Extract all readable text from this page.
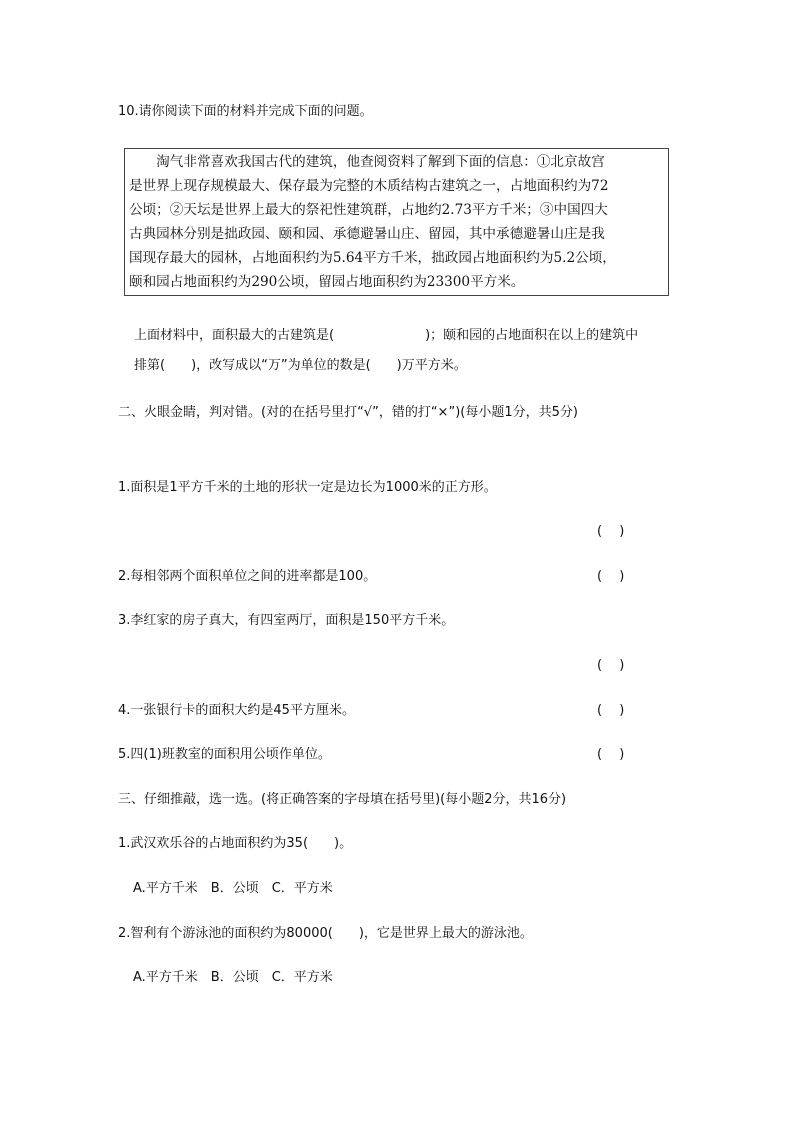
10.请你阅读下面的材料并完成下面的问题。
　　淘气非常喜欢我国古代的建筑，他查阅资料了解到下面的信息：①北京故宫
是世界上现存规模最大、保存最为完整的木质结构古建筑之一，占地面积约为72
公顷；②天坛是世界上最大的祭祀性建筑群，占地约2.73平方千米；③中国四大
古典园林分别是拙政园、颐和园、承德避暑山庄、留园，其中承德避暑山庄是我
国现存最大的园林，占地面积约为5.64平方千米，拙政园占地面积约为5.2公顷，
颐和园占地面积约为290公顷，留园占地面积约为23300平方米。
上面材料中，面积最大的古建筑是(　　　　　　　)；颐和园的占地面积在以上的建筑中
排第(　　)，改写成以“万”为单位的数是(　　)万平方米。
二、火眼金睛，判对错。(对的在括号里打“√”，错的打“×”)(每小题1分，共5分)
1.面积是1平方千米的土地的形状一定是边长为1000米的正方形。
(　 )
2.每相邻两个面积单位之间的进率都是100。	(　 )
3.李红家的房子真大，有四室两厅，面积是150平方千米。
(　 )
4.一张银行卡的面积大约是45平方厘米。	(　 )
5.四(1)班教室的面积用公顷作单位。	(　 )
三、仔细推敲，选一选。(将正确答案的字母填在括号里)(每小题2分，共16分)
1.武汉欢乐谷的占地面积约为35(　　)。
A.平方千米　B．公顷　C．平方米
2.智利有个游泳池的面积约为80000(　　)，它是世界上最大的游泳池。
A.平方千米　B．公顷　C．平方米
